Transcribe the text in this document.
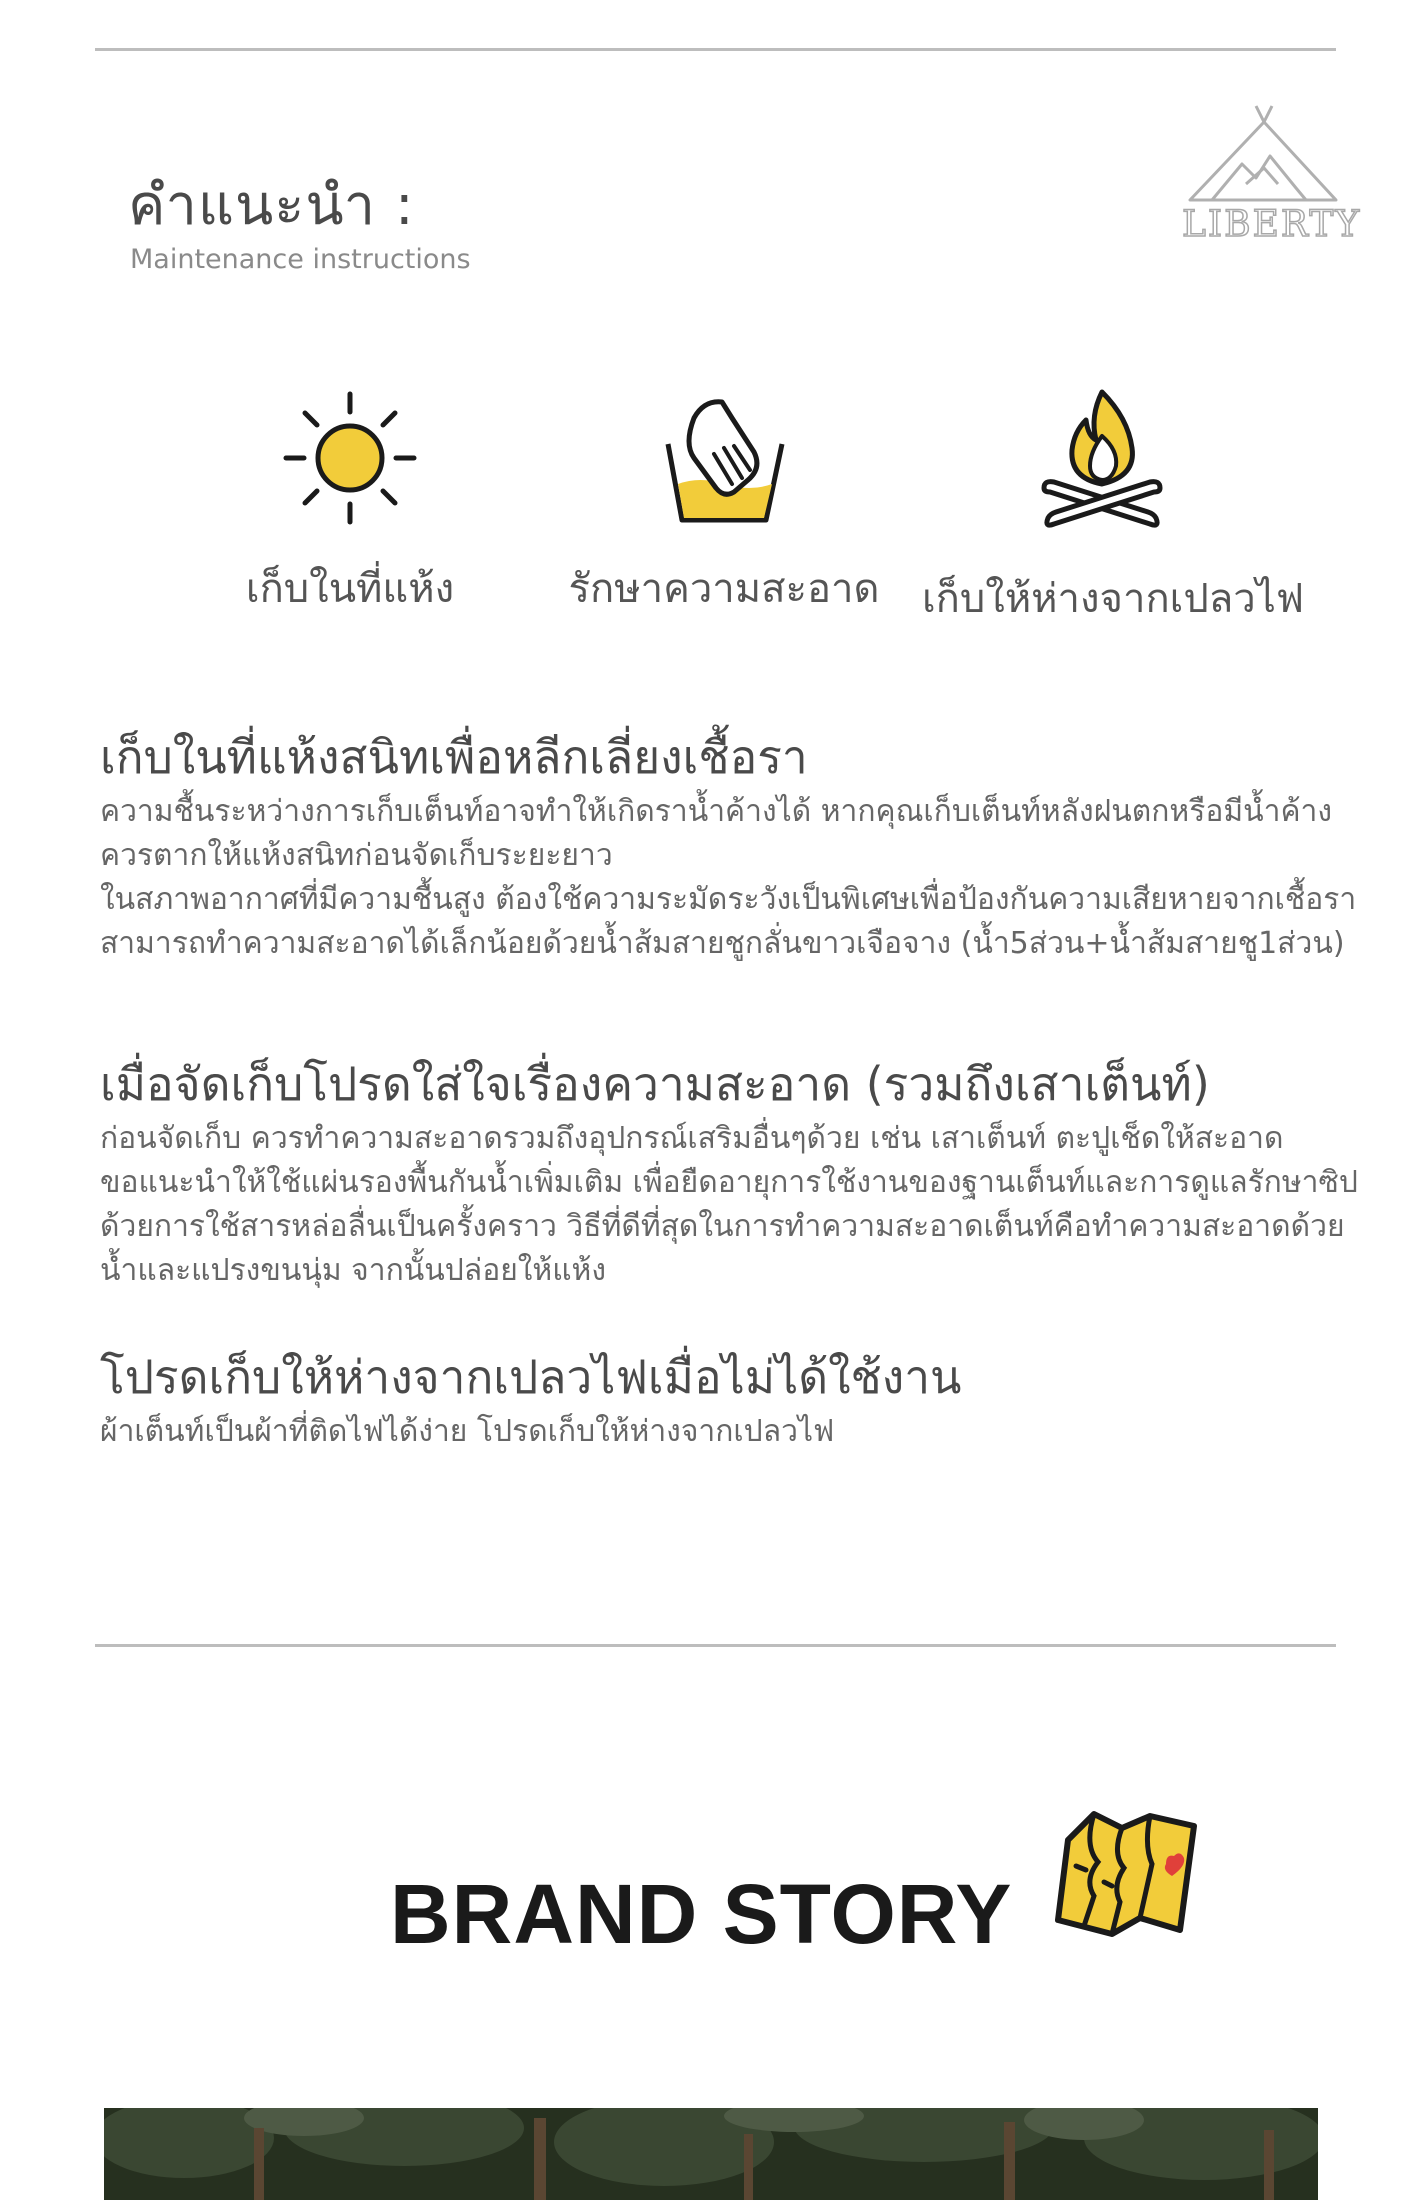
คำแนะนำ :
Maintenance instructions
LIBERTY
เก็บในที่แห้ง	รักษาความสะอาด	เก็บให้ห่างจากเปลวไฟ
เก็บในที่แห้งสนิทเพื่อหลีกเลี่ยงเชื้อรา

ความชื้นระหว่างการเก็บเต็นท์อาจทำให้เกิดราน้ำค้างได้ หากคุณเก็บเต็นท์หลังฝนตกหรือมีน้ำค้าง
ควรตากให้แห้งสนิทก่อนจัดเก็บระยะยาว
ในสภาพอากาศที่มีความชื้นสูง ต้องใช้ความระมัดระวังเป็นพิเศษเพื่อป้องกันความเสียหายจากเชื้อรา
สามารถทำความสะอาดได้เล็กน้อยด้วยน้ำส้มสายชูกลั่นขาวเจือจาง (น้ำ5ส่วน+น้ำส้มสายชู1ส่วน)

เมื่อจัดเก็บโปรดใส่ใจเรื่องความสะอาด (รวมถึงเสาเต็นท์)

ก่อนจัดเก็บ ควรทำความสะอาดรวมถึงอุปกรณ์เสริมอื่นๆด้วย เช่น เสาเต็นท์ ตะปูเช็ดให้สะอาด
ขอแนะนำให้ใช้แผ่นรองพื้นกันน้ำเพิ่มเติม เพื่อยืดอายุการใช้งานของฐานเต็นท์และการดูแลรักษาซิป
ด้วยการใช้สารหล่อลื่นเป็นครั้งคราว วิธีที่ดีที่สุดในการทำความสะอาดเต็นท์คือทำความสะอาดด้วย
น้ำและแปรงขนนุ่ม จากนั้นปล่อยให้แห้ง

โปรดเก็บให้ห่างจากเปลวไฟเมื่อไม่ได้ใช้งาน

ผ้าเต็นท์เป็นผ้าที่ติดไฟได้ง่าย โปรดเก็บให้ห่างจากเปลวไฟ

BRAND STORY
